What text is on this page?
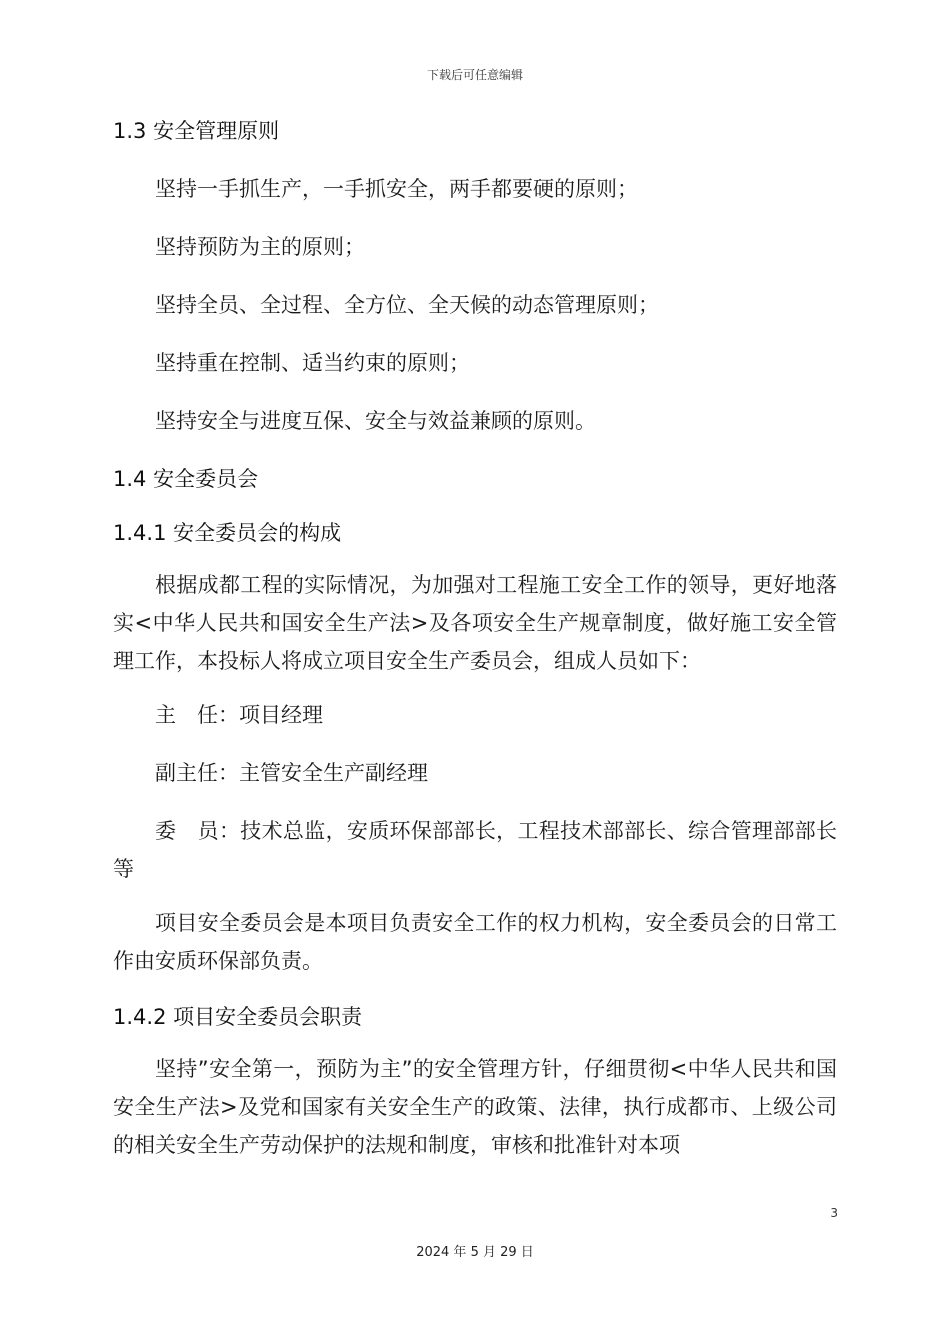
下载后可任意编辑

1.3 安全管理原则

坚持一手抓生产，一手抓安全，两手都要硬的原则；

坚持预防为主的原则；

坚持全员、全过程、全方位、全天候的动态管理原则；

坚持重在控制、适当约束的原则；

坚持安全与进度互保、安全与效益兼顾的原则。

1.4 安全委员会

1.4.1 安全委员会的构成

根据成都工程的实际情况，为加强对工程施工安全工作的领导，更好地落实<中华人民共和国安全生产法>及各项安全生产规章制度，做好施工安全管理工作，本投标人将成立项目安全生产委员会，组成人员如下：

主　任：项目经理

副主任：主管安全生产副经理

委　员：技术总监，安质环保部部长，工程技术部部长、综合管理部部长等

项目安全委员会是本项目负责安全工作的权力机构，安全委员会的日常工作由安质环保部负责。

1.4.2 项目安全委员会职责

坚持”安全第一，预防为主”的安全管理方针，仔细贯彻<中华人民共和国安全生产法>及党和国家有关安全生产的政策、法律，执行成都市、上级公司的相关安全生产劳动保护的法规和制度，审核和批准针对本项

3
2024 年 5 月 29 日
